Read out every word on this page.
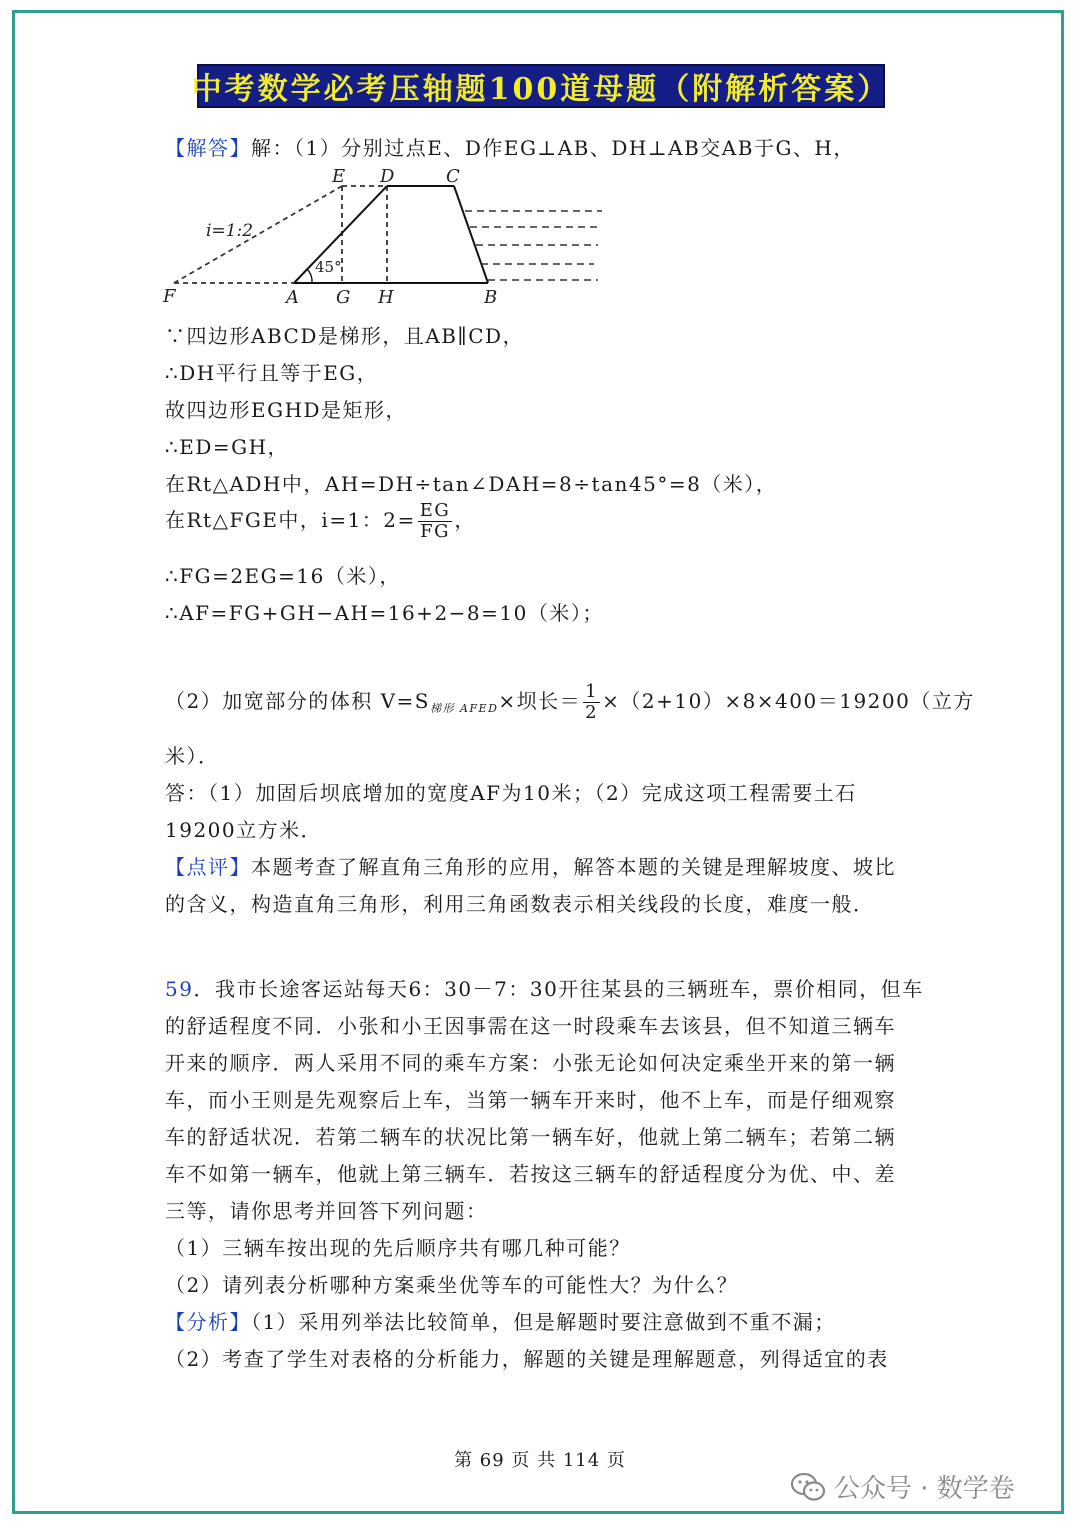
中考数学必考压轴题100道母题（附解析答案）
【解答】解：（1）分别过点E、D作EG⊥AB、DH⊥AB交AB于G、H，
E D	C
F	A G H	B
i=1:2
45°
∵四边形ABCD是梯形，且AB∥CD，
∴DH平行且等于EG，
故四边形EGHD是矩形，
∴ED=GH，
在Rt△ADH中，AH=DH÷tan∠DAH=8÷tan45°=8（米），
在Rt△FGE中，i=1：$2= \frac{EG}{FG}$ ，
∴FG=2EG=16（米），
∴AF=FG+GH−AH=16+2−8=10（米）；
（2）加宽部分的体积 $V=S_{梯形 AFED}\times$坝长＝ $\frac{1}{2} \times(2+10)\times 8\times 400=19200$（立方
米）．
答：（1）加固后坝底增加的宽度AF为10米；（2）完成这项工程需要土石
19200立方米．
【点评】本题考查了解直角三角形的应用，解答本题的关键是理解坡度、坡比
的含义，构造直角三角形，利用三角函数表示相关线段的长度，难度一般．
59．我市长途客运站每天6：30－7：30开往某县的三辆班车，票价相同，但车
的舒适程度不同．小张和小王因事需在这一时段乘车去该县，但不知道三辆车
开来的顺序．两人采用不同的乘车方案：小张无论如何决定乘坐开来的第一辆
车，而小王则是先观察后上车，当第一辆车开来时，他不上车，而是仔细观察
车的舒适状况．若第二辆车的状况比第一辆车好，他就上第二辆车；若第二辆
车不如第一辆车，他就上第三辆车．若按这三辆车的舒适程度分为优、中、差
三等，请你思考并回答下列问题：
（1）三辆车按出现的先后顺序共有哪几种可能？
（2）请列表分析哪种方案乘坐优等车的可能性大？为什么？
【分析】（1）采用列举法比较简单，但是解题时要注意做到不重不漏；
（2）考查了学生对表格的分析能力，解题的关键是理解题意，列得适宜的表
第 69 页 共 114 页
公众号 · 数学卷
